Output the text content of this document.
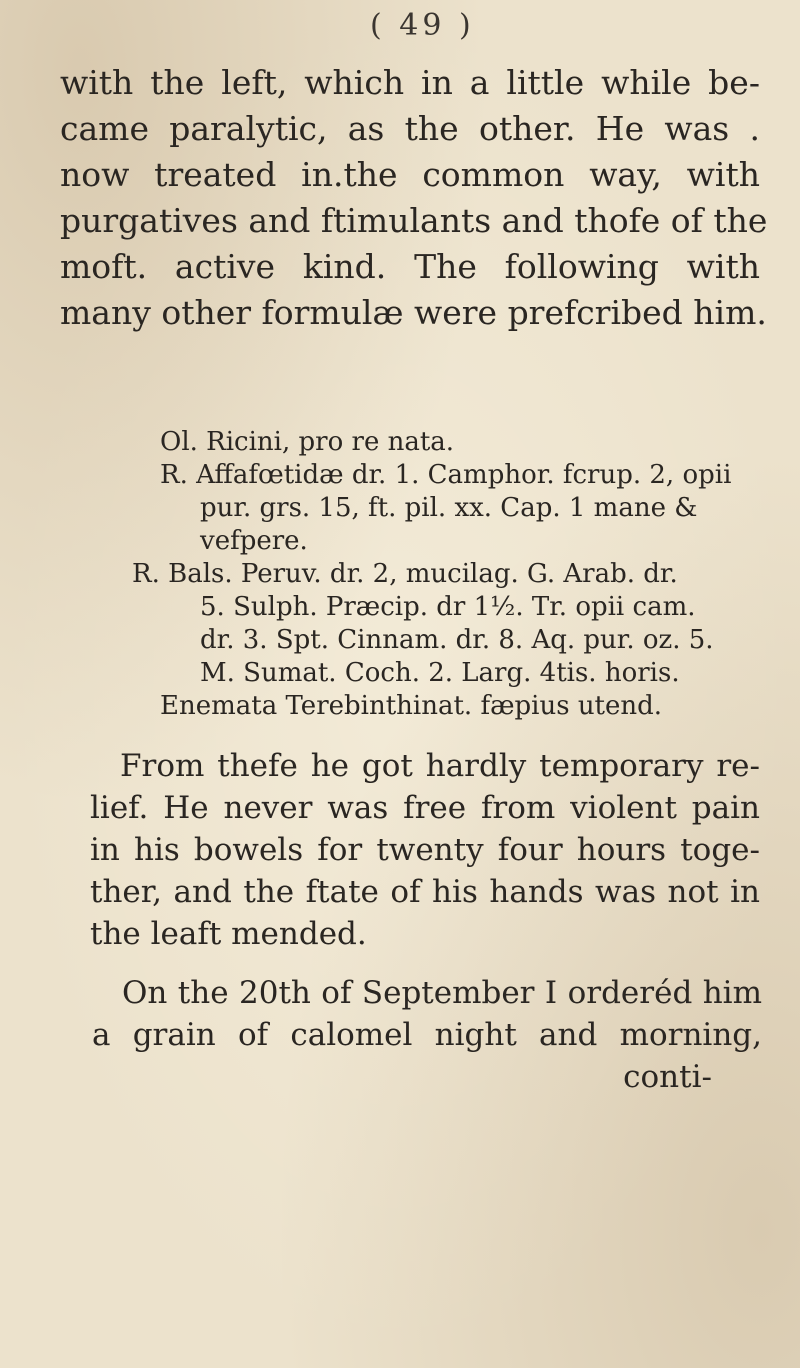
( 49 )
with the left, which in a little while be-
came paralytic, as the other. He was .
now treated in.the common way, with
purgatives and ftimulants and thofe of the
moft. active kind. The following with
many other formulæ were prefcribed him.
Ol. Ricini, pro re nata.
R. Affafœtidæ dr. 1. Camphor. fcrup. 2, opii
pur. grs. 15, ft. pil. xx. Cap. 1 mane &
vefpere.
R. Bals. Peruv. dr. 2, mucilag. G. Arab. dr.
5. Sulph. Præcip. dr 1½. Tr. opii cam.
dr. 3. Spt. Cinnam. dr. 8. Aq. pur. oz. 5.
M. Sumat. Coch. 2. Larg. 4tis. horis.
Enemata Terebinthinat. fæpius utend.
From thefe he got hardly temporary re-
lief. He never was free from violent pain
in his bowels for twenty four hours toge-
ther, and the ftate of his hands was not in
the leaft mended.
On the 20th of September I orderéd him
a grain of calomel night and morning,
conti-
